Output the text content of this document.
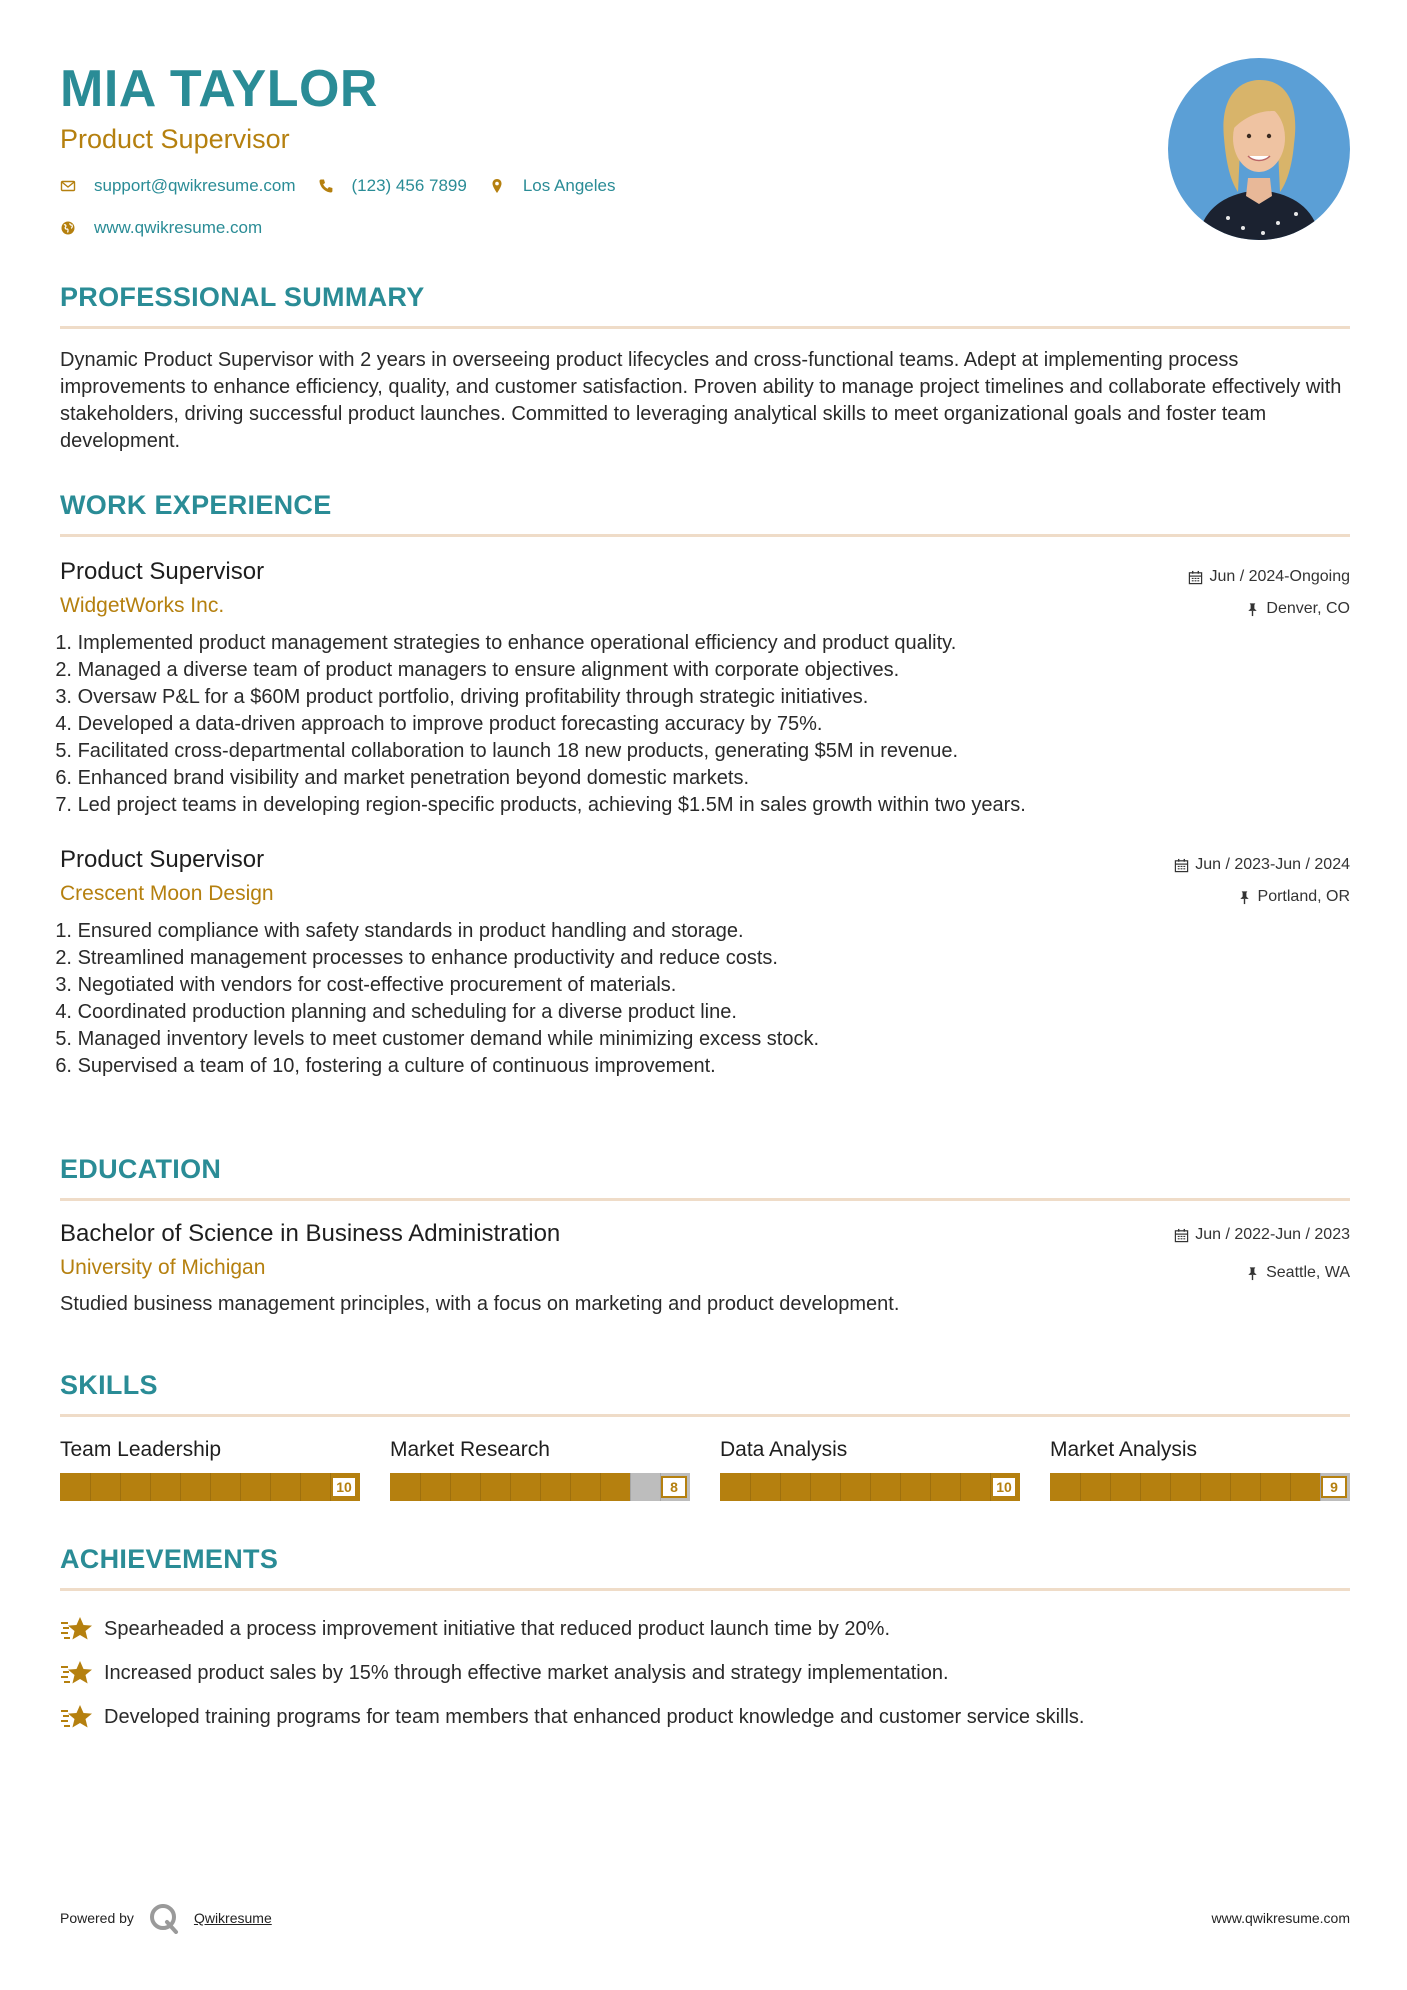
MIA TAYLOR
Product Supervisor
support@qwikresume.com	(123) 456 7899	Los Angeles
www.qwikresume.com
PROFESSIONAL SUMMARY
Dynamic Product Supervisor with 2 years in overseeing product lifecycles and cross-functional teams. Adept at implementing process improvements to enhance efficiency, quality, and customer satisfaction. Proven ability to manage project timelines and collaborate effectively with stakeholders, driving successful product launches. Committed to leveraging analytical skills to meet organizational goals and foster team development.
WORK EXPERIENCE
Product Supervisor
WidgetWorks Inc.
Jun / 2024-Ongoing
Denver, CO
1.
Implemented product management strategies to enhance operational efficiency and product quality.
2.
Managed a diverse team of product managers to ensure alignment with corporate objectives.
3.
Oversaw P&L for a $60M product portfolio, driving profitability through strategic initiatives.
4.
Developed a data-driven approach to improve product forecasting accuracy by 75%.
5.
Facilitated cross-departmental collaboration to launch 18 new products, generating $5M in revenue.
6.
Enhanced brand visibility and market penetration beyond domestic markets.
7.
Led project teams in developing region-specific products, achieving $1.5M in sales growth within two years.
Product Supervisor
Crescent Moon Design
Jun / 2023-Jun / 2024
Portland, OR
1.
Ensured compliance with safety standards in product handling and storage.
2.
Streamlined management processes to enhance productivity and reduce costs.
3.
Negotiated with vendors for cost-effective procurement of materials.
4.
Coordinated production planning and scheduling for a diverse product line.
5.
Managed inventory levels to meet customer demand while minimizing excess stock.
6.
Supervised a team of 10, fostering a culture of continuous improvement.
EDUCATION
Bachelor of Science in Business Administration
University of Michigan
Jun / 2022-Jun / 2023
Seattle, WA
Studied business management principles, with a focus on marketing and product development.
SKILLS
Team Leadership
10
Market Research
8
Data Analysis
10
Market Analysis
9
ACHIEVEMENTS
Spearheaded a process improvement initiative that reduced product launch time by 20%.
Increased product sales by 15% through effective market analysis and strategy implementation.
Developed training programs for team members that enhanced product knowledge and customer service skills.
Powered by	Qwikresume	www.qwikresume.com
